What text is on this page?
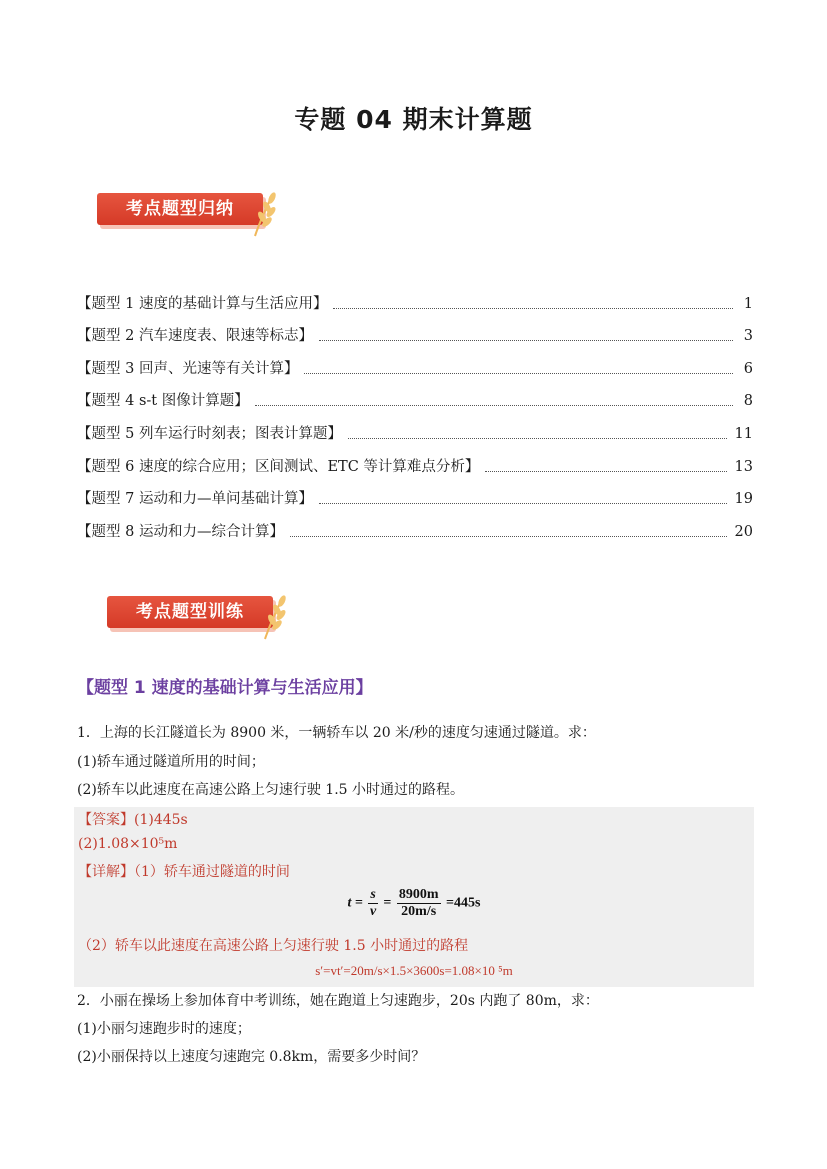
专题 04 期末计算题
考点题型归纳
【题型 1 速度的基础计算与生活应用】	1
【题型 2 汽车速度表、限速等标志】	3
【题型 3 回声、光速等有关计算】	6
【题型 4 s-t 图像计算题】	8
【题型 5 列车运行时刻表；图表计算题】	11
【题型 6 速度的综合应用；区间测试、ETC 等计算难点分析】	13
【题型 7 运动和力—单问基础计算】	19
【题型 8 运动和力—综合计算】	20
考点题型训练
【题型 1 速度的基础计算与生活应用】
1．上海的长江隧道长为 8900 米，一辆轿车以 20 米/秒的速度匀速通过隧道。求：
(1)轿车通过隧道所用的时间；
(2)轿车以此速度在高速公路上匀速行驶 1.5 小时通过的路程。
【答案】(1)445s
(2)1.08×10⁵m
【详解】（1）轿车通过隧道的时间
$t = \frac{s}{v} = \frac{8900m}{20m/s} =445s$
（2）轿车以此速度在高速公路上匀速行驶 1.5 小时通过的路程
s′=vt′=20m/s×1.5×3600s=1.08×10 ⁵m
2．小丽在操场上参加体育中考训练，她在跑道上匀速跑步，20s 内跑了 80m，求：
(1)小丽匀速跑步时的速度；
(2)小丽保持以上速度匀速跑完 0.8km，需要多少时间？
